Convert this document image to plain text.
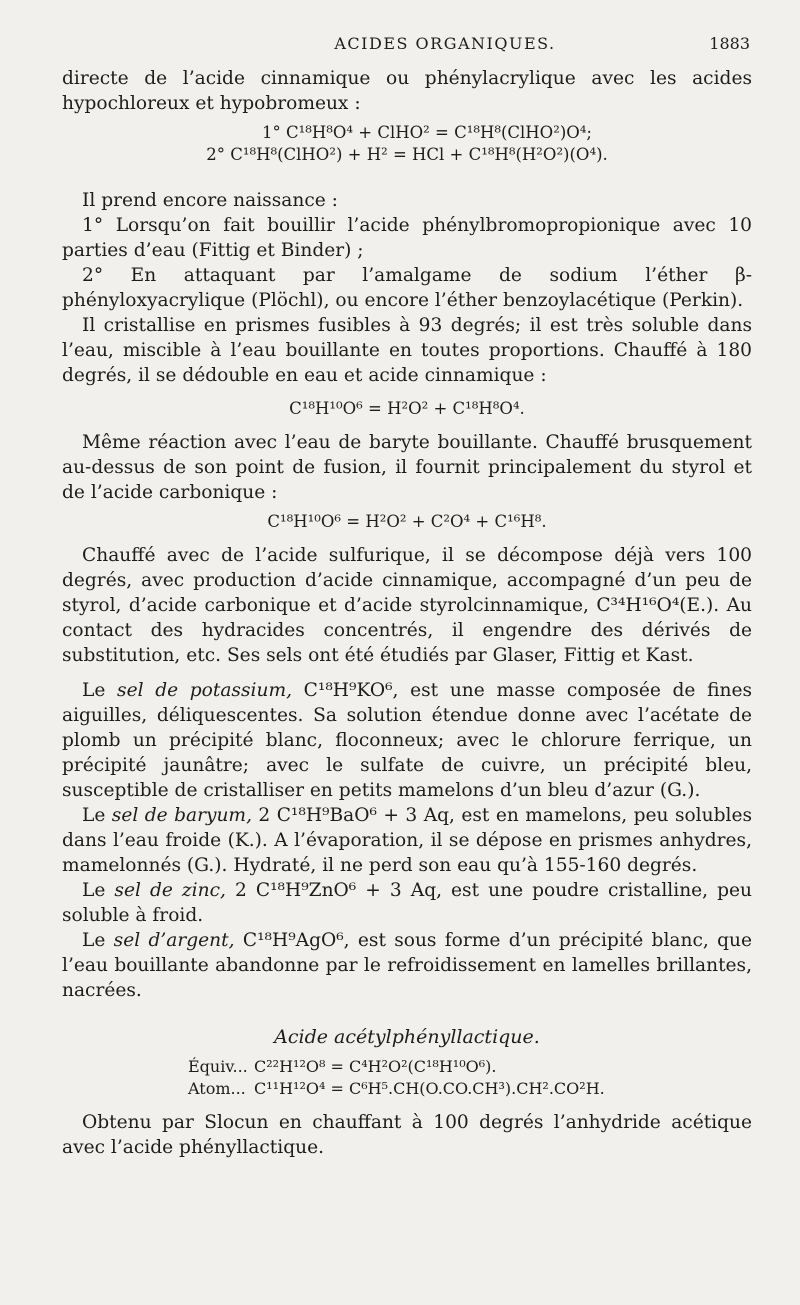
ACIDES ORGANIQUES.	1883

directe de l’acide cinnamique ou phénylacrylique avec les acides hypochloreux et hypobromeux :

1° C¹⁸H⁸O⁴ + ClHO² = C¹⁸H⁸(ClHO²)O⁴;

2° C¹⁸H⁸(ClHO²) + H² = HCl + C¹⁸H⁸(H²O²)(O⁴).

Il prend encore naissance :

1° Lorsqu’on fait bouillir l’acide phénylbromopropionique avec 10 parties d’eau (Fittig et Binder) ;

2° En attaquant par l’amalgame de sodium l’éther β-phényloxyacrylique (Plöchl), ou encore l’éther benzoylacétique (Perkin).

Il cristallise en prismes fusibles à 93 degrés; il est très soluble dans l’eau, miscible à l’eau bouillante en toutes proportions. Chauffé à 180 degrés, il se dédouble en eau et acide cinnamique :

C¹⁸H¹⁰O⁶ = H²O² + C¹⁸H⁸O⁴.

Même réaction avec l’eau de baryte bouillante. Chauffé brusquement au-dessus de son point de fusion, il fournit principalement du styrol et de l’acide carbonique :

C¹⁸H¹⁰O⁶ = H²O² + C²O⁴ + C¹⁶H⁸.

Chauffé avec de l’acide sulfurique, il se décompose déjà vers 100 degrés, avec production d’acide cinnamique, accompagné d’un peu de styrol, d’acide carbonique et d’acide styrolcinnamique, C³⁴H¹⁶O⁴(E.). Au contact des hydracides concentrés, il engendre des dérivés de substitution, etc. Ses sels ont été étudiés par Glaser, Fittig et Kast.

Le sel de potassium, C¹⁸H⁹KO⁶, est une masse composée de fines aiguilles, déliquescentes. Sa solution étendue donne avec l’acétate de plomb un précipité blanc, floconneux; avec le chlorure ferrique, un précipité jaunâtre; avec le sulfate de cuivre, un précipité bleu, susceptible de cristalliser en petits mamelons d’un bleu d’azur (G.).

Le sel de baryum, 2 C¹⁸H⁹BaO⁶ + 3 Aq, est en mamelons, peu solubles dans l’eau froide (K.). A l’évaporation, il se dépose en prismes anhydres, mamelonnés (G.). Hydraté, il ne perd son eau qu’à 155-160 degrés.

Le sel de zinc, 2 C¹⁸H⁹ZnO⁶ + 3 Aq, est une poudre cristalline, peu soluble à froid.

Le sel d’argent, C¹⁸H⁹AgO⁶, est sous forme d’un précipité blanc, que l’eau bouillante abandonne par le refroidissement en lamelles brillantes, nacrées.

Acide acétylphényllactique.

Équiv... C²²H¹²O⁸ = C⁴H²O²(C¹⁸H¹⁰O⁶).
Atom... C¹¹H¹²O⁴ = C⁶H⁵.CH(O.CO.CH³).CH².CO²H.

Obtenu par Slocun en chauffant à 100 degrés l’anhydride acétique avec l’acide phényllactique.
